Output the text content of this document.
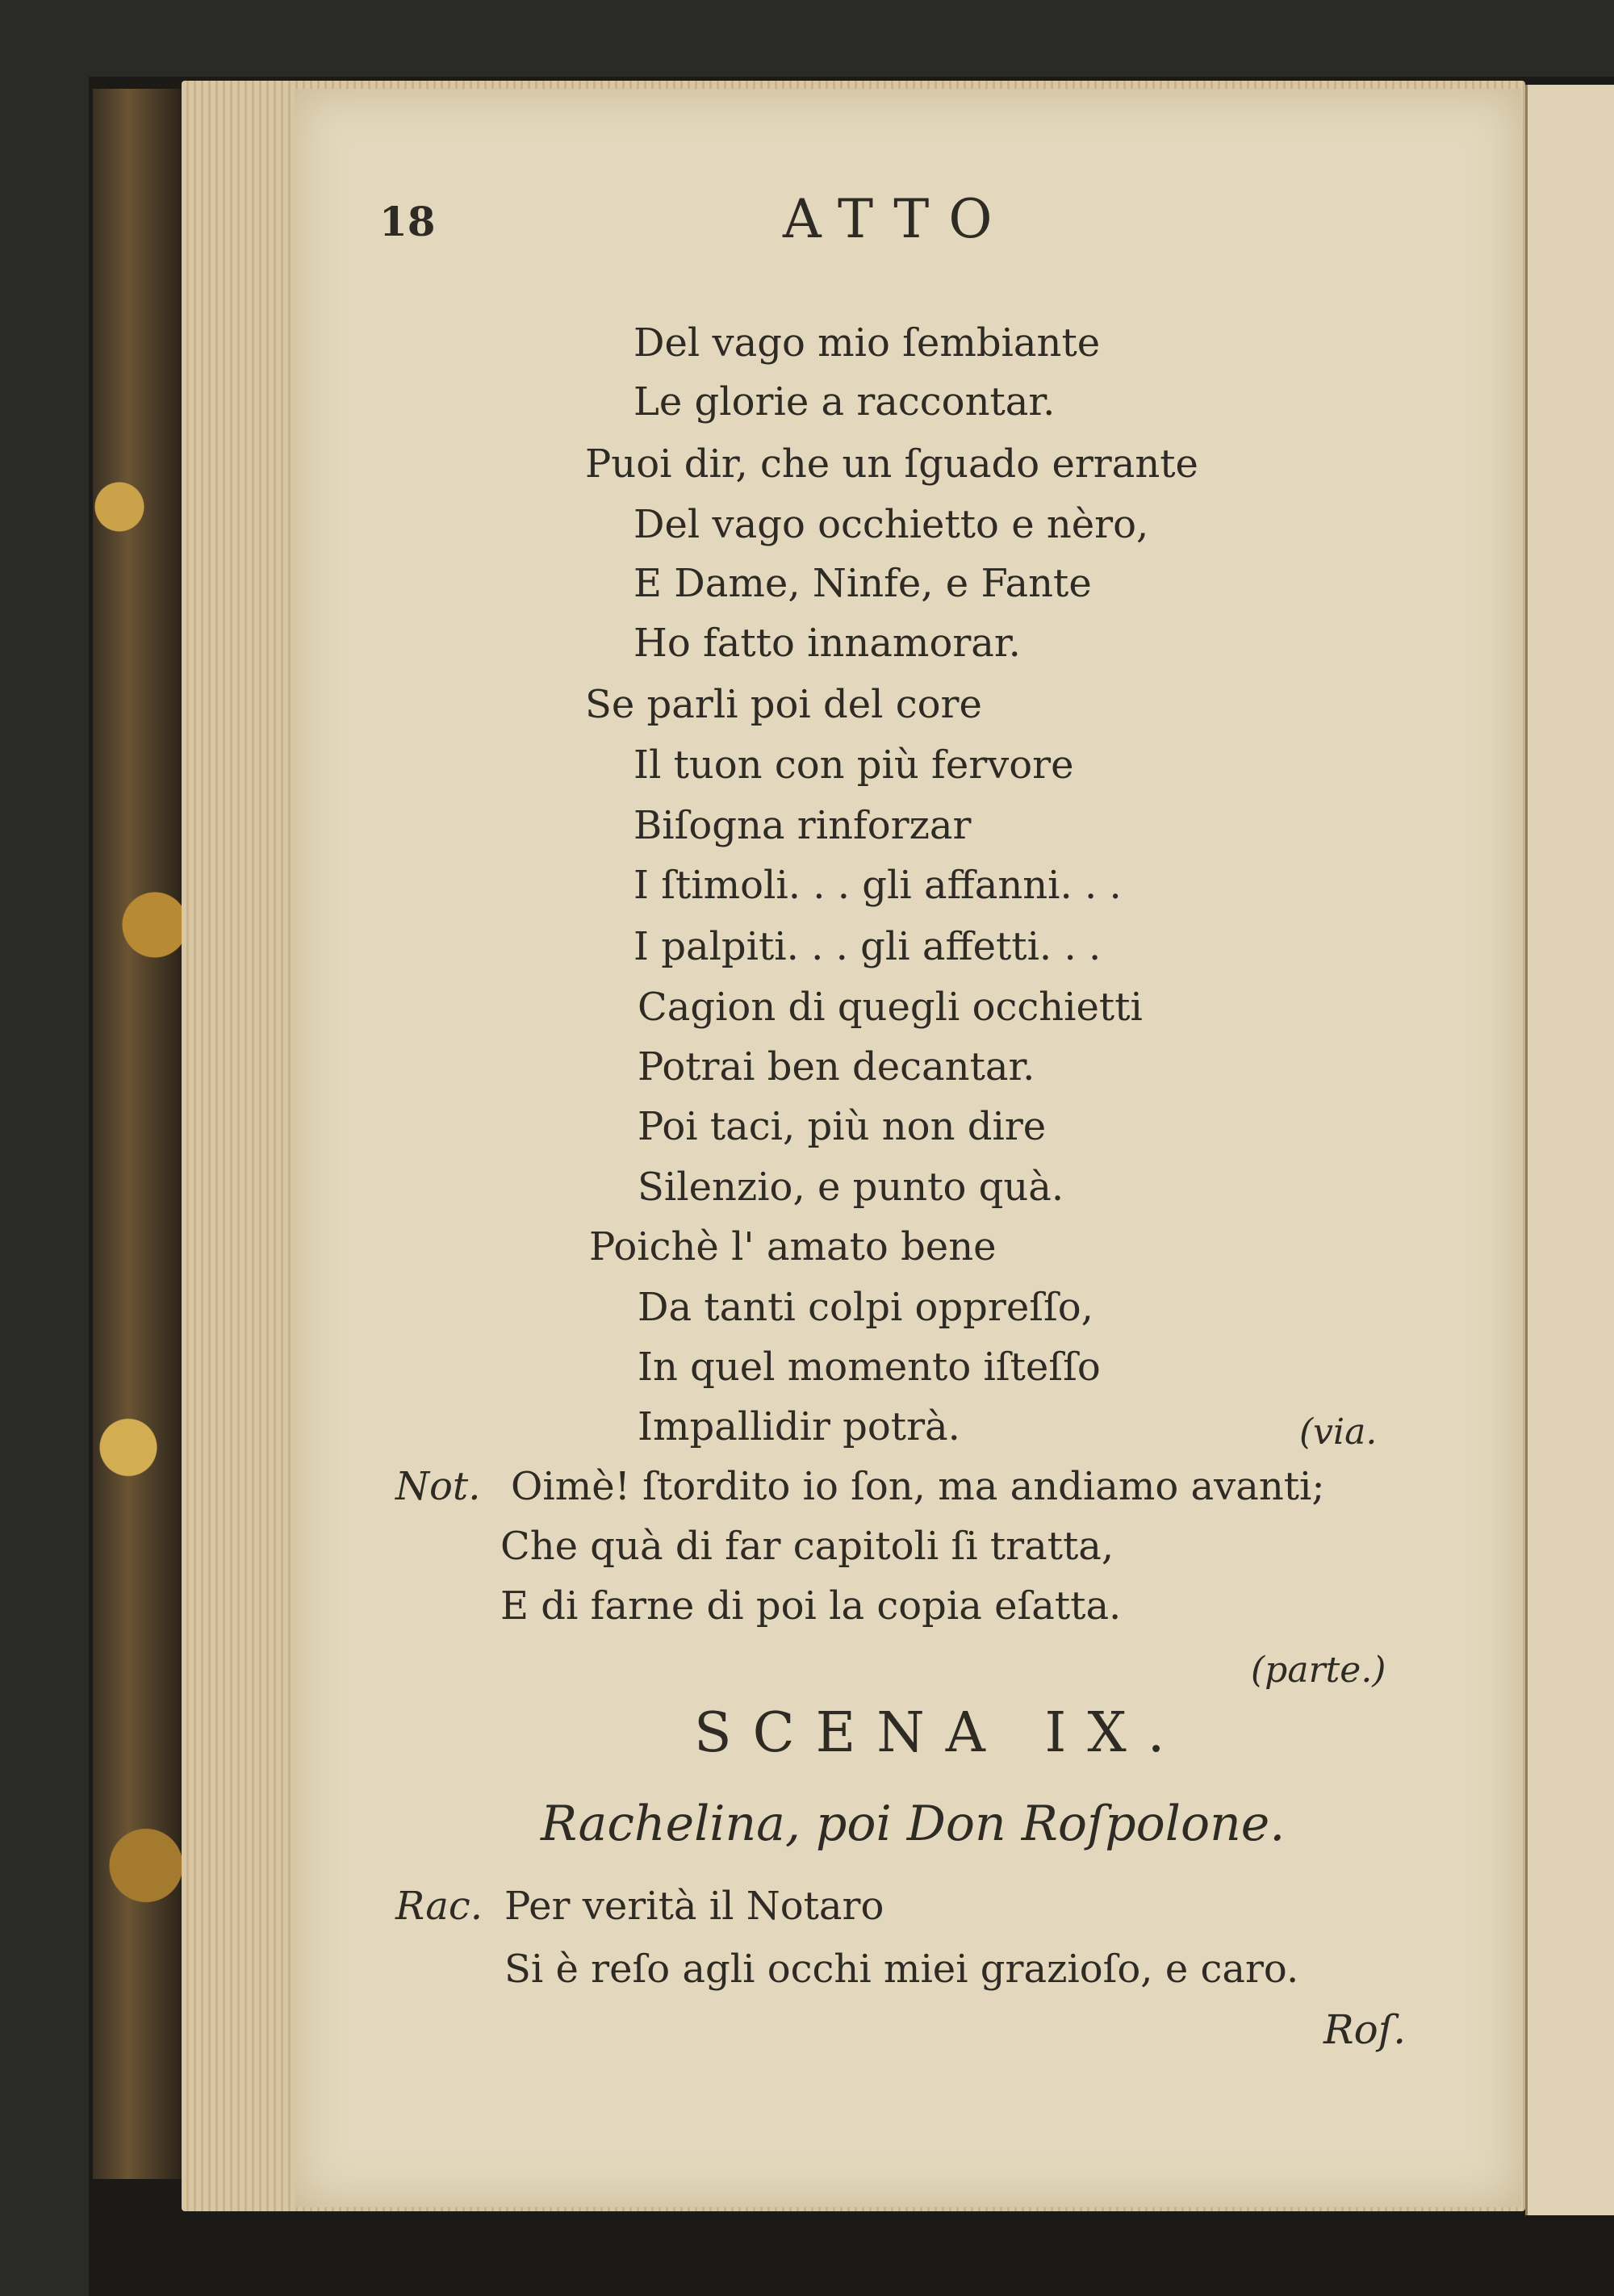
18	ATTO
Del vago mio ſembiante
Le glorie a raccontar.
Puoi dir, che un ſguado errante
Del vago occhietto e nèro,
E Dame, Ninfe, e Fante
Ho fatto innamorar.
Se parli poi del core
Il tuon con più fervore
Biſogna rinforzar
I ſtimoli. . . gli affanni. . .
I palpiti. . . gli affetti. . .
Cagion di quegli occhietti
Potrai ben decantar.
Poi taci, più non dire
Silenzio, e punto quà.
Poichè l' amato bene
Da tanti colpi oppreſſo,
In quel momento iſteſſo
Impallidir potrà.	(via.
Not. Oimè! ſtordito io ſon, ma andiamo avanti;
Che quà di far capitoli ſi tratta,
E di farne di poi la copia eſatta.
(parte.)
SCENA IX.
Rachelina, poi Don Roſpolone.
Rac. Per verità il Notaro
Si è reſo agli occhi miei grazioſo, e caro.
Roſ.
